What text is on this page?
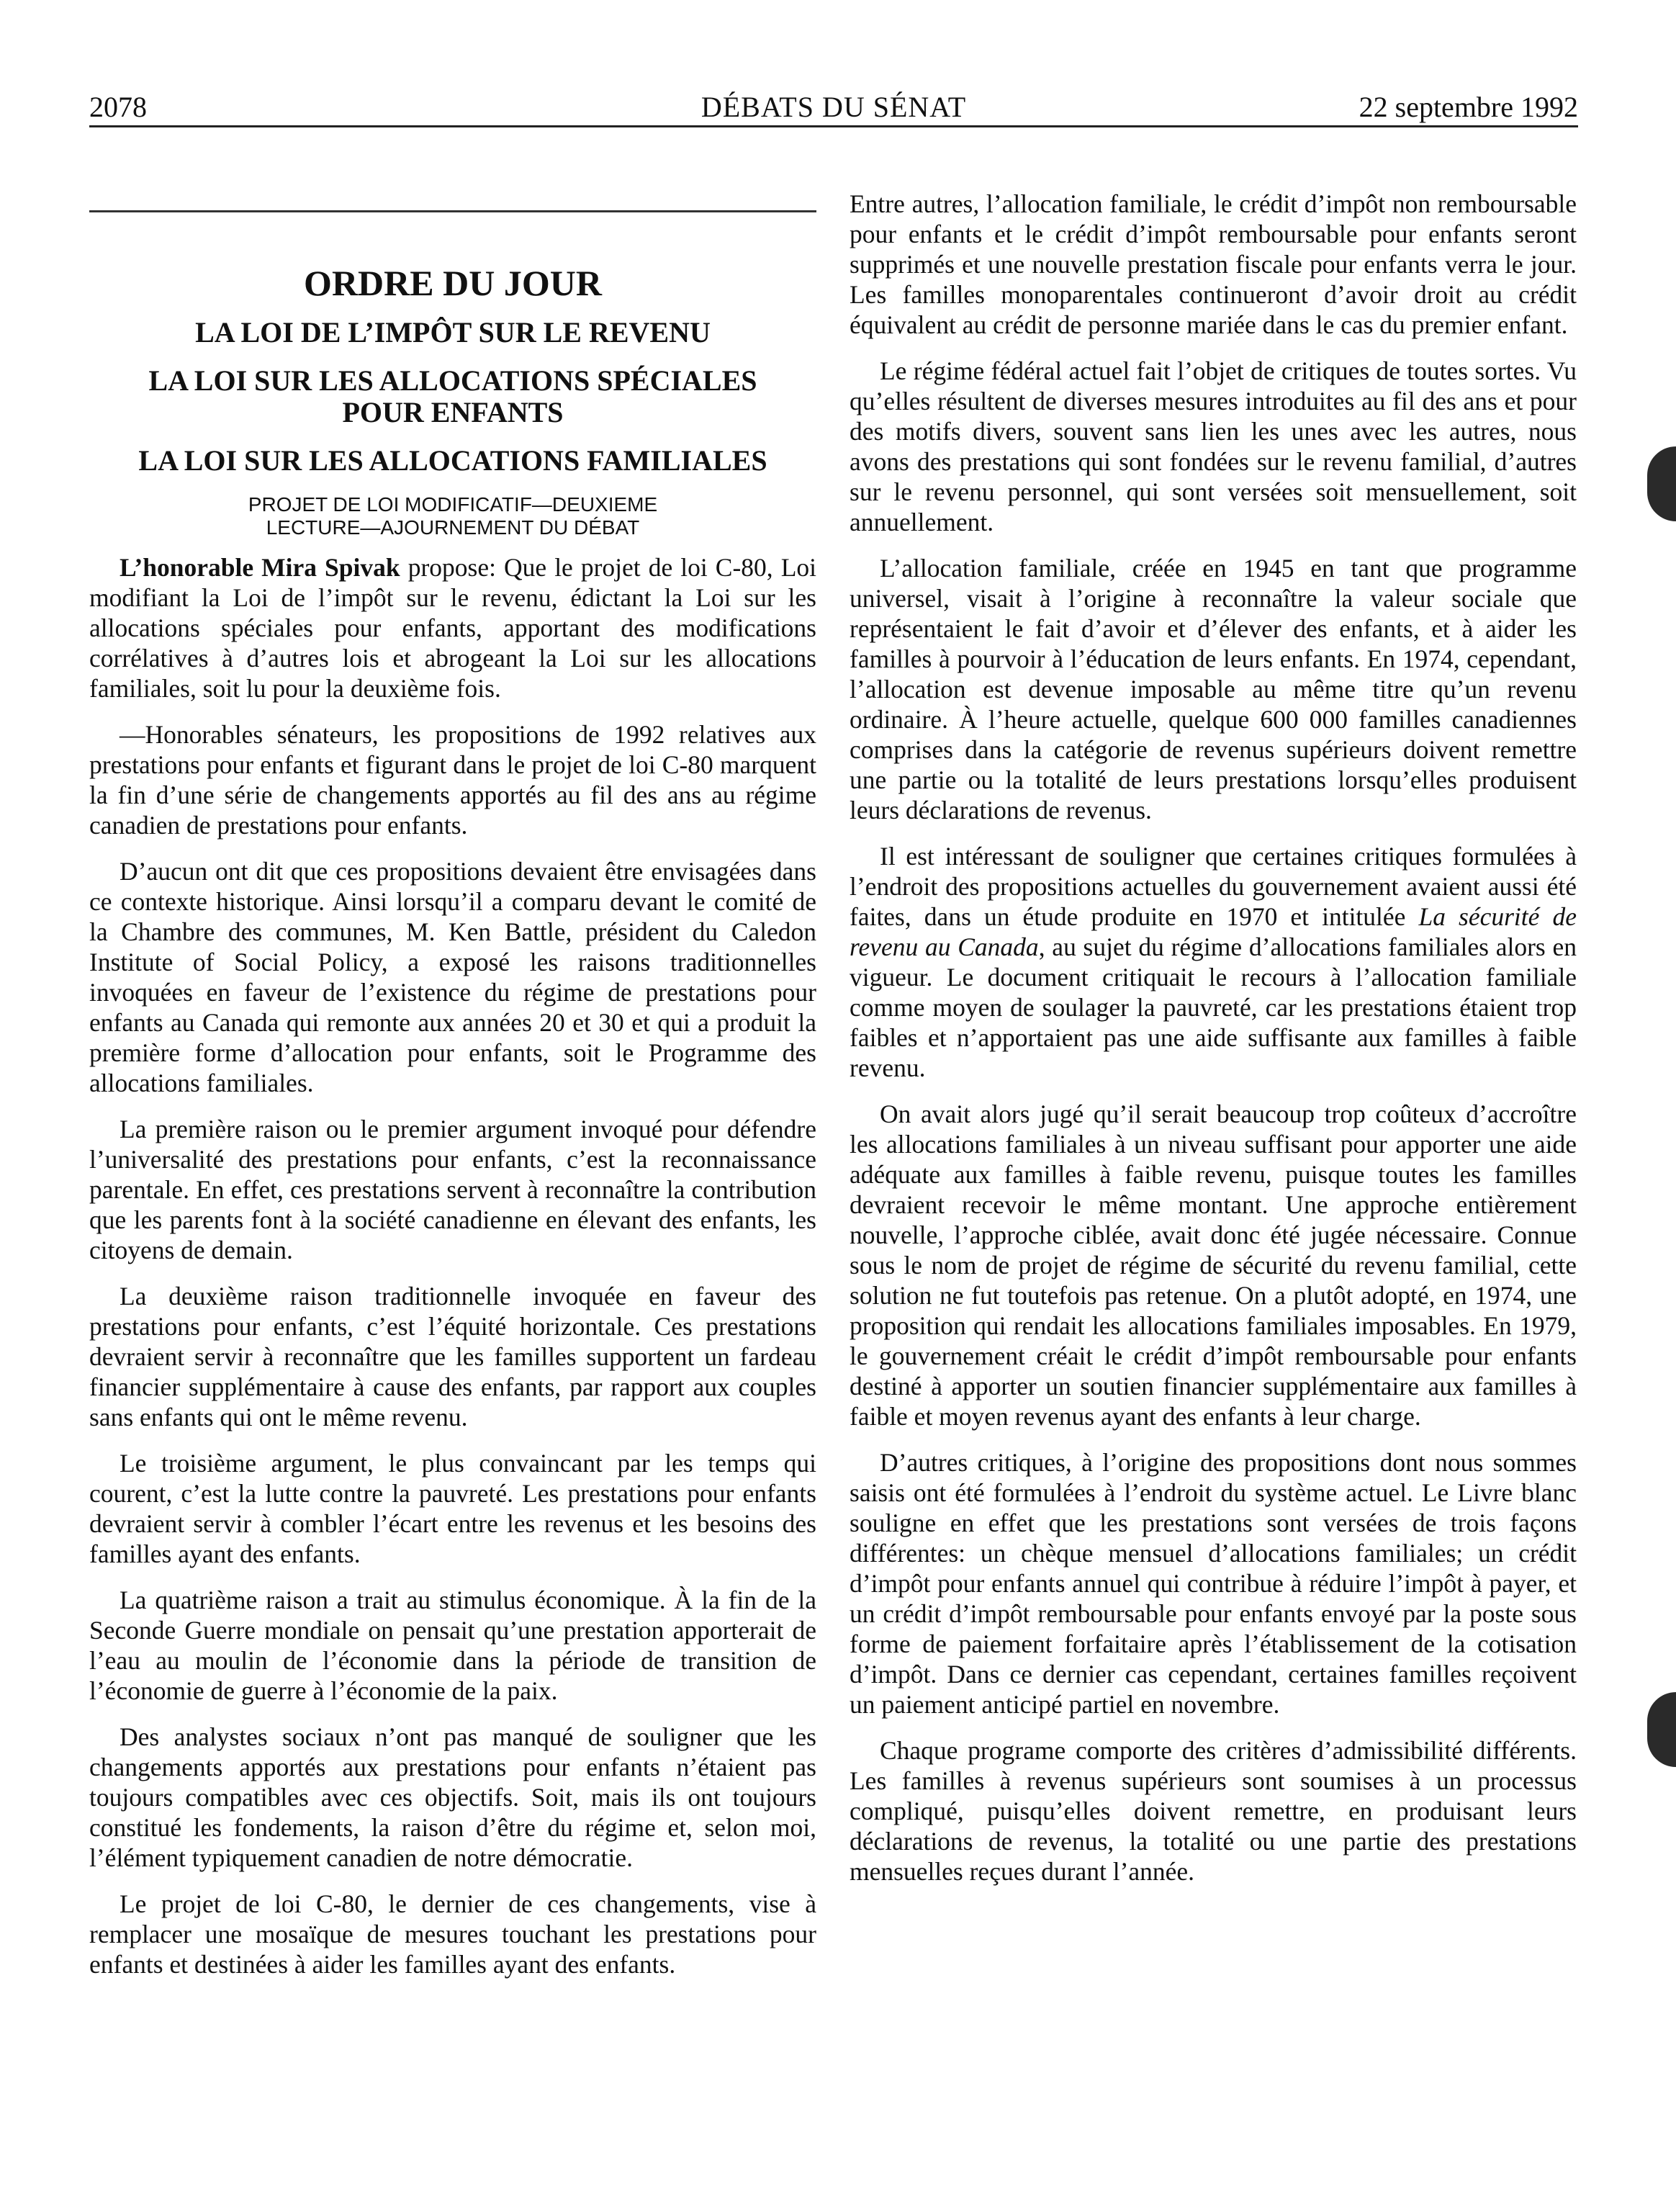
2078	DÉBATS DU SÉNAT	22 septembre 1992
ORDRE DU JOUR
LA LOI DE L’IMPÔT SUR LE REVENU
LA LOI SUR LES ALLOCATIONS SPÉCIALES
POUR ENFANTS
LA LOI SUR LES ALLOCATIONS FAMILIALES
PROJET DE LOI MODIFICATIF—DEUXIEME
LECTURE—AJOURNEMENT DU DÉBAT

L’honorable Mira Spivak propose: Que le projet de loi C-80, Loi modifiant la Loi de l’impôt sur le revenu, édictant la Loi sur les allocations spéciales pour enfants, apportant des modifications corrélatives à d’autres lois et abrogeant la Loi sur les allocations familiales, soit lu pour la deuxième fois.

—Honorables sénateurs, les propositions de 1992 relatives aux prestations pour enfants et figurant dans le projet de loi C-80 marquent la fin d’une série de changements apportés au fil des ans au régime canadien de prestations pour enfants.

D’aucun ont dit que ces propositions devaient être envisagées dans ce contexte historique. Ainsi lorsqu’il a comparu devant le comité de la Chambre des communes, M. Ken Battle, président du Caledon Institute of Social Policy, a exposé les raisons traditionnelles invoquées en faveur de l’existence du régime de prestations pour enfants au Canada qui remonte aux années 20 et 30 et qui a produit la première forme d’allocation pour enfants, soit le Programme des allocations familiales.

La première raison ou le premier argument invoqué pour défendre l’universalité des prestations pour enfants, c’est la reconnaissance parentale. En effet, ces prestations servent à reconnaître la contribution que les parents font à la société canadienne en élevant des enfants, les citoyens de demain.

La deuxième raison traditionnelle invoquée en faveur des prestations pour enfants, c’est l’équité horizontale. Ces prestations devraient servir à reconnaître que les familles supportent un fardeau financier supplémentaire à cause des enfants, par rapport aux couples sans enfants qui ont le même revenu.

Le troisième argument, le plus convaincant par les temps qui courent, c’est la lutte contre la pauvreté. Les prestations pour enfants devraient servir à combler l’écart entre les revenus et les besoins des familles ayant des enfants.

La quatrième raison a trait au stimulus économique. À la fin de la Seconde Guerre mondiale on pensait qu’une prestation apporterait de l’eau au moulin de l’économie dans la période de transition de l’économie de guerre à l’économie de la paix.

Des analystes sociaux n’ont pas manqué de souligner que les changements apportés aux prestations pour enfants n’étaient pas toujours compatibles avec ces objectifs. Soit, mais ils ont toujours constitué les fondements, la raison d’être du régime et, selon moi, l’élément typiquement canadien de notre démocratie.

Le projet de loi C-80, le dernier de ces changements, vise à remplacer une mosaïque de mesures touchant les prestations pour enfants et destinées à aider les familles ayant des enfants.

Entre autres, l’allocation familiale, le crédit d’impôt non remboursable pour enfants et le crédit d’impôt remboursable pour enfants seront supprimés et une nouvelle prestation fiscale pour enfants verra le jour. Les familles monoparentales continueront d’avoir droit au crédit équivalent au crédit de personne mariée dans le cas du premier enfant.

Le régime fédéral actuel fait l’objet de critiques de toutes sortes. Vu qu’elles résultent de diverses mesures introduites au fil des ans et pour des motifs divers, souvent sans lien les unes avec les autres, nous avons des prestations qui sont fondées sur le revenu familial, d’autres sur le revenu personnel, qui sont versées soit mensuellement, soit annuellement.

L’allocation familiale, créée en 1945 en tant que programme universel, visait à l’origine à reconnaître la valeur sociale que représentaient le fait d’avoir et d’élever des enfants, et à aider les familles à pourvoir à l’éducation de leurs enfants. En 1974, cependant, l’allocation est devenue imposable au même titre qu’un revenu ordinaire. À l’heure actuelle, quelque 600 000 familles canadiennes comprises dans la catégorie de revenus supérieurs doivent remettre une partie ou la totalité de leurs prestations lorsqu’elles produisent leurs déclarations de revenus.

Il est intéressant de souligner que certaines critiques formulées à l’endroit des propositions actuelles du gouvernement avaient aussi été faites, dans un étude produite en 1970 et intitulée La sécurité de revenu au Canada, au sujet du régime d’allocations familiales alors en vigueur. Le document critiquait le recours à l’allocation familiale comme moyen de soulager la pauvreté, car les prestations étaient trop faibles et n’apportaient pas une aide suffisante aux familles à faible revenu.

On avait alors jugé qu’il serait beaucoup trop coûteux d’accroître les allocations familiales à un niveau suffisant pour apporter une aide adéquate aux familles à faible revenu, puisque toutes les familles devraient recevoir le même montant. Une approche entièrement nouvelle, l’approche ciblée, avait donc été jugée nécessaire. Connue sous le nom de projet de régime de sécurité du revenu familial, cette solution ne fut toutefois pas retenue. On a plutôt adopté, en 1974, une proposition qui rendait les allocations familiales imposables. En 1979, le gouvernement créait le crédit d’impôt remboursable pour enfants destiné à apporter un soutien financier supplémentaire aux familles à faible et moyen revenus ayant des enfants à leur charge.

D’autres critiques, à l’origine des propositions dont nous sommes saisis ont été formulées à l’endroit du système actuel. Le Livre blanc souligne en effet que les prestations sont versées de trois façons différentes: un chèque mensuel d’allocations familiales; un crédit d’impôt pour enfants annuel qui contribue à réduire l’impôt à payer, et un crédit d’impôt remboursable pour enfants envoyé par la poste sous forme de paiement forfaitaire après l’établissement de la cotisation d’impôt. Dans ce dernier cas cependant, certaines familles reçoivent un paiement anticipé partiel en novembre.

Chaque programe comporte des critères d’admissibilité différents. Les familles à revenus supérieurs sont soumises à un processus compliqué, puisqu’elles doivent remettre, en produisant leurs déclarations de revenus, la totalité ou une partie des prestations mensuelles reçues durant l’année.
